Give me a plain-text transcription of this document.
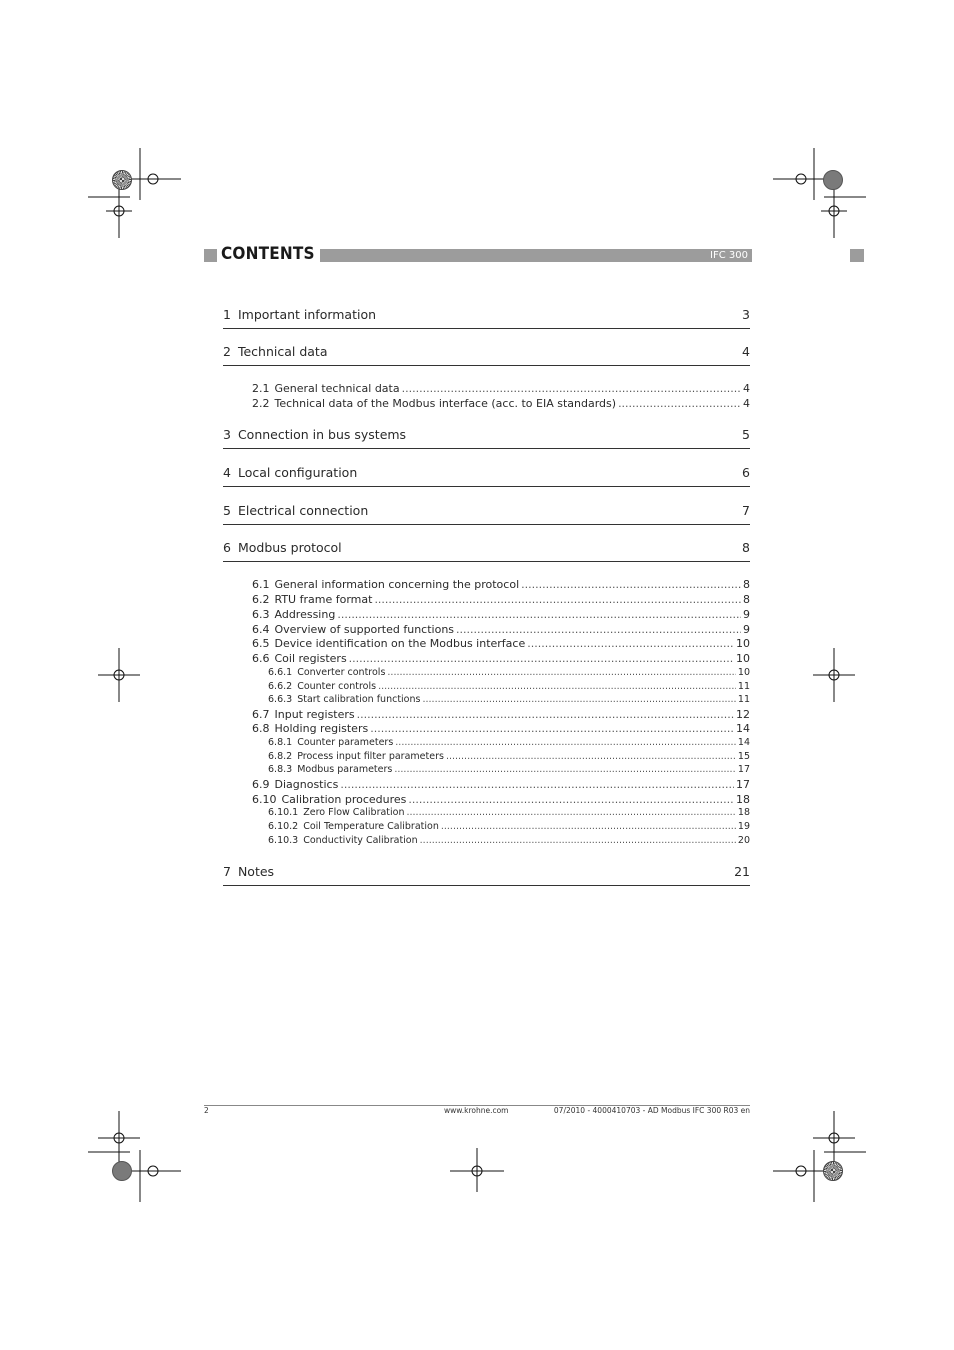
CONTENTS	IFC 300
1 Important information	3
2 Technical data	4
2.1 General technical data .....	4
2.2 Technical data of the Modbus interface (acc. to EIA standards) .....	4
3 Connection in bus systems	5
4 Local configuration	6
5 Electrical connection	7
6 Modbus protocol	8
6.1 General information concerning the protocol .....	8
6.2 RTU frame format .....	8
6.3 Addressing .....	9
6.4 Overview of supported functions .....	9
6.5 Device identification on the Modbus interface .....	10
6.6 Coil registers .....	10
6.6.1 Converter controls .....	10
6.6.2 Counter controls .....	11
6.6.3 Start calibration functions .....	11
6.7 Input registers .....	12
6.8 Holding registers .....	14
6.8.1 Counter parameters .....	14
6.8.2 Process input filter parameters .....	15
6.8.3 Modbus parameters .....	17
6.9 Diagnostics .....	17
6.10 Calibration procedures .....	18
6.10.1 Zero Flow Calibration .....	18
6.10.2 Coil Temperature Calibration .....	19
6.10.3 Conductivity Calibration .....	20
7 Notes	21
2	www.krohne.com	07/2010 - 4000410703 - AD Modbus IFC 300 R03 en
